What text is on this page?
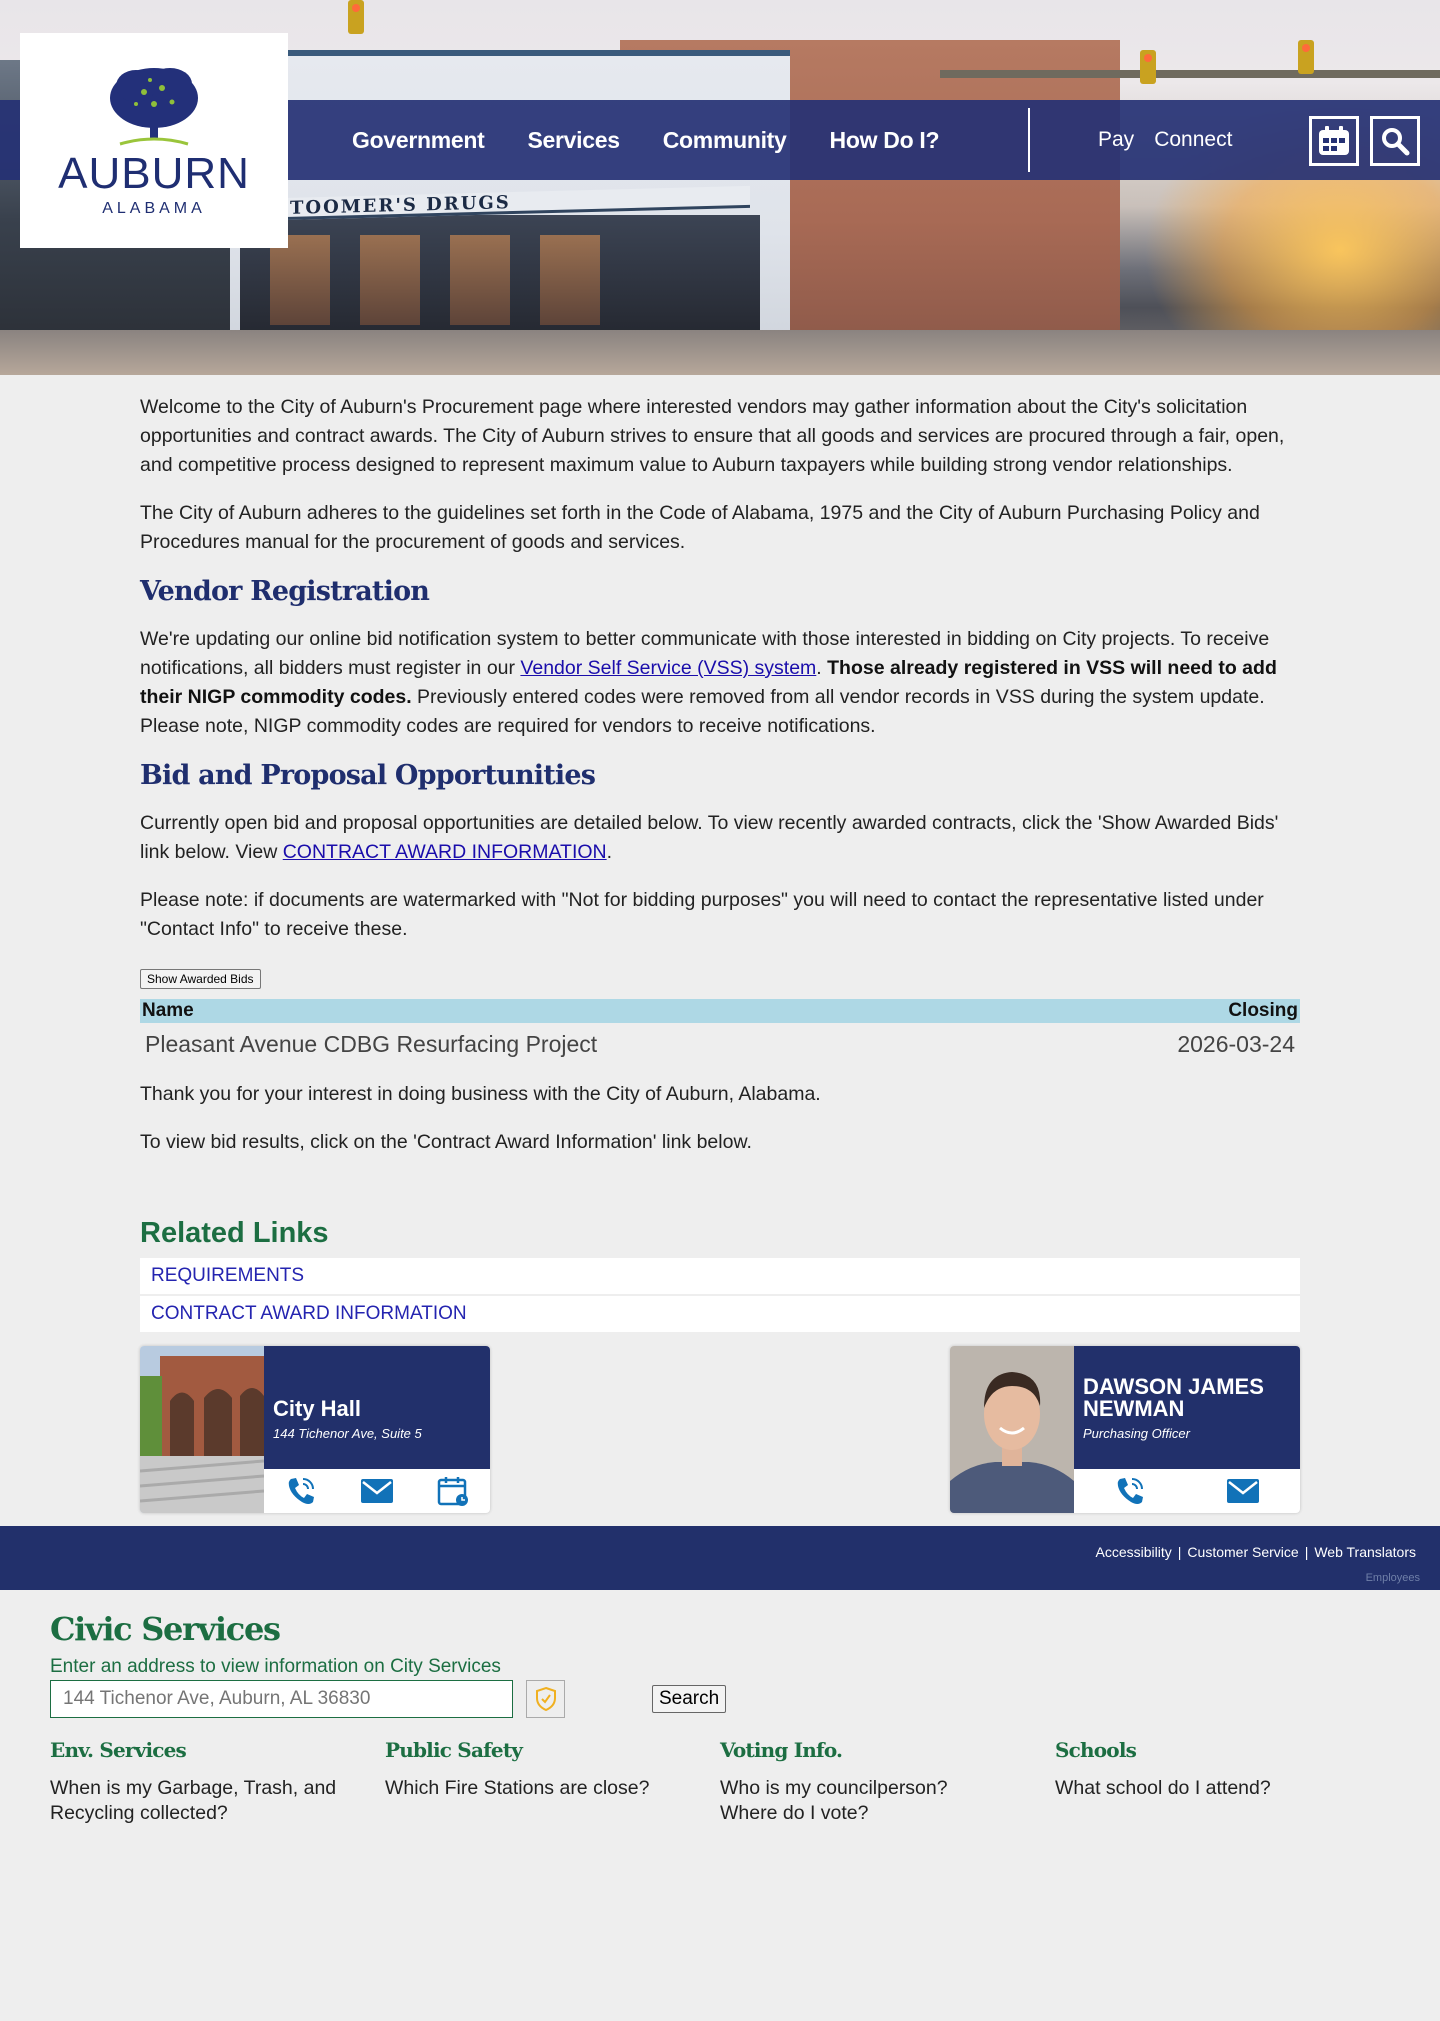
TOOMER'S DRUGS
AUBURN
ALABAMA
Government Services Community How Do I?	Pay Connect

Welcome to the City of Auburn's Procurement page where interested vendors may gather information about the City's solicitation opportunities and contract awards. The City of Auburn strives to ensure that all goods and services are procured through a fair, open, and competitive process designed to represent maximum value to Auburn taxpayers while building strong vendor relationships.

The City of Auburn adheres to the guidelines set forth in the Code of Alabama, 1975 and the City of Auburn Purchasing Policy and Procedures manual for the procurement of goods and services.

Vendor Registration

We're updating our online bid notification system to better communicate with those interested in bidding on City projects. To receive notifications, all bidders must register in our Vendor Self Service (VSS) system. Those already registered in VSS will need to add their NIGP commodity codes. Previously entered codes were removed from all vendor records in VSS during the system update. Please note, NIGP commodity codes are required for vendors to receive notifications.

Bid and Proposal Opportunities

Currently open bid and proposal opportunities are detailed below. To view recently awarded contracts, click the 'Show Awarded Bids' link below. View CONTRACT AWARD INFORMATION.

Please note: if documents are watermarked with "Not for bidding purposes" you will need to contact the representative listed under "Contact Info" to receive these.

Show Awarded Bids
Name	Closing
Pleasant Avenue CDBG Resurfacing Project	2026-03-24

Thank you for your interest in doing business with the City of Auburn, Alabama.

To view bid results, click on the 'Contract Award Information' link below.

Related Links
REQUIREMENTS
CONTRACT AWARD INFORMATION
City Hall
144 Tichenor Ave, Suite 5
DAWSON JAMES NEWMAN
Purchasing Officer
Accessibility | Customer Service | Web Translators
Employees
Civic Services
Enter an address to view information on City Services
144 Tichenor Ave, Auburn, AL 36830
Search
Env. Services
When is my Garbage, Trash, and Recycling collected?
Public Safety
Which Fire Stations are close?
Voting Info.
Who is my councilperson?
Where do I vote?
Schools
What school do I attend?
